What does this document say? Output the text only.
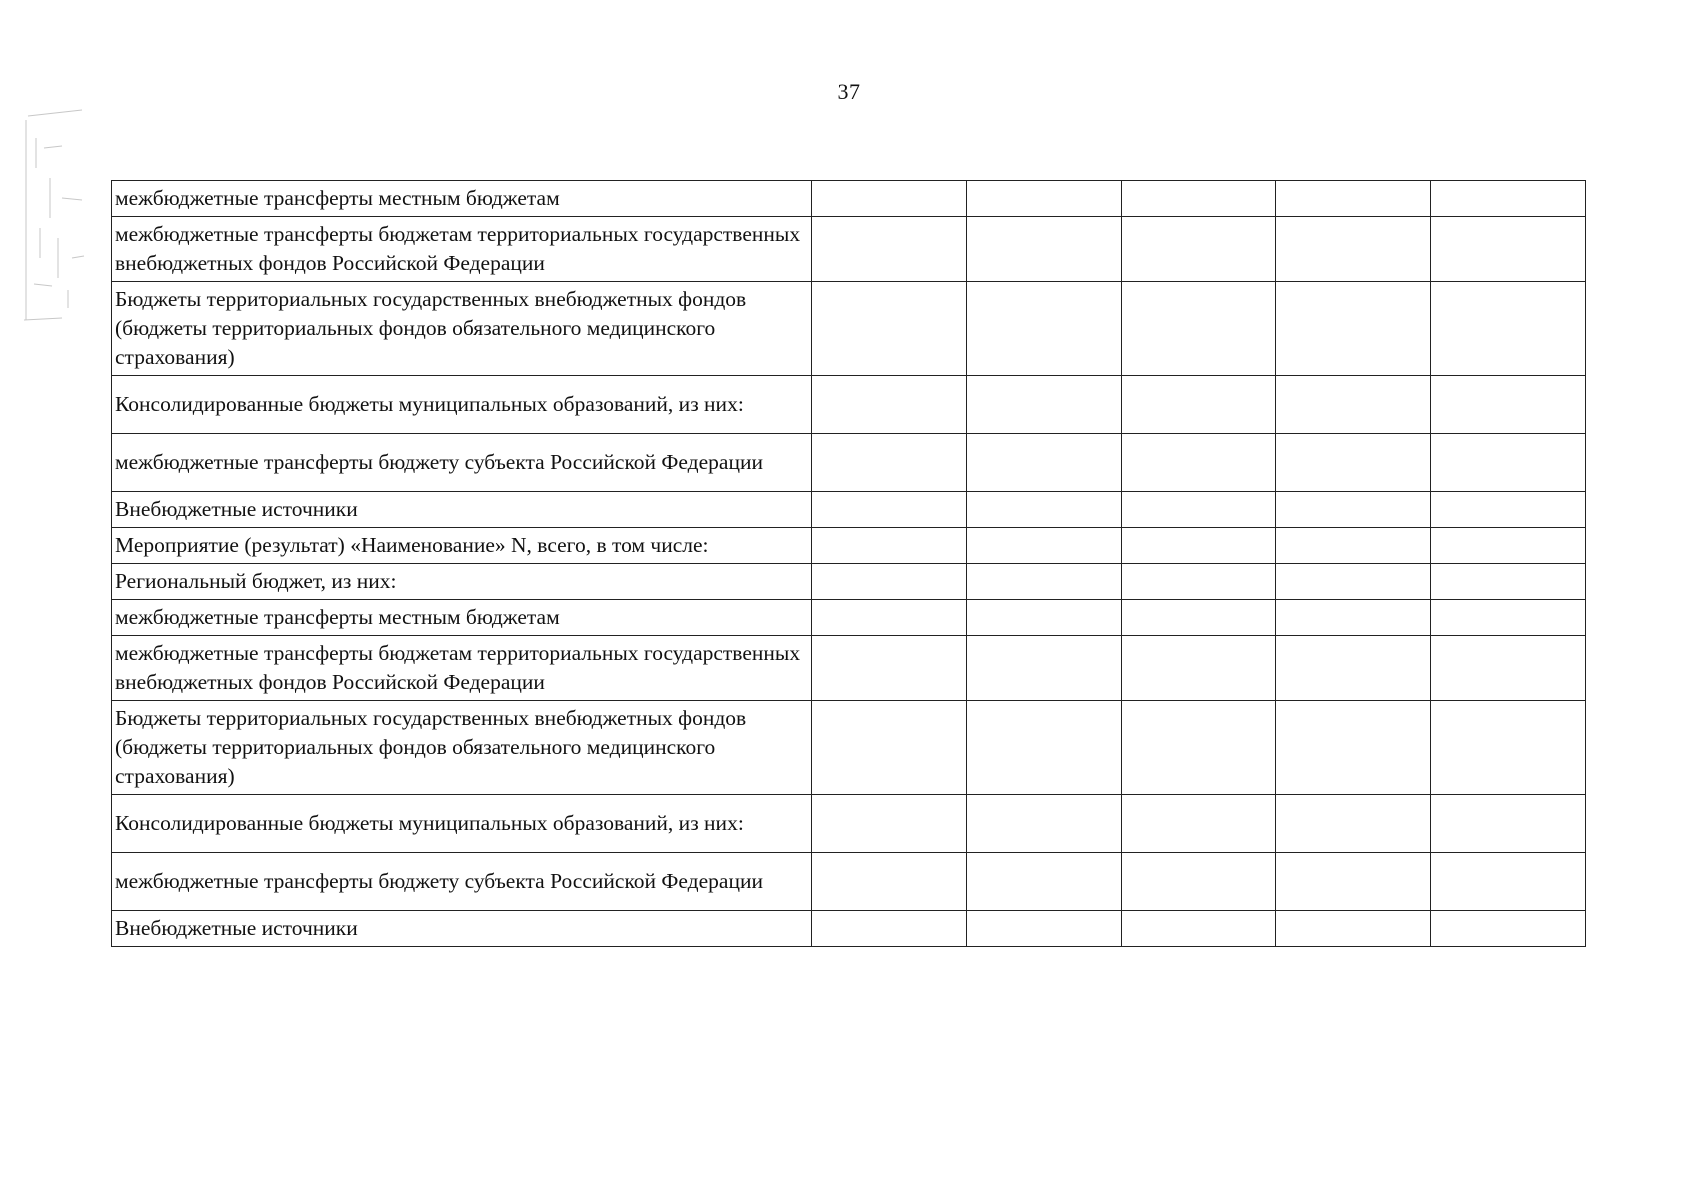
37
межбюджетные трансферты местным бюджетам					
межбюджетные трансферты бюджетам территориальных государственных внебюджетных фондов Российской Федерации					
Бюджеты территориальных государственных внебюджетных фондов (бюджеты территориальных фондов обязательного медицинского страхования)					
Консолидированные бюджеты муниципальных образований, из них:					
межбюджетные трансферты бюджету субъекта Российской Федерации					
Внебюджетные источники					
Мероприятие (результат) «Наименование» N, всего, в том числе:					
Региональный бюджет, из них:					
межбюджетные трансферты местным бюджетам					
межбюджетные трансферты бюджетам территориальных государственных внебюджетных фондов Российской Федерации					
Бюджеты территориальных государственных внебюджетных фондов (бюджеты территориальных фондов обязательного медицинского страхования)					
Консолидированные бюджеты муниципальных образований, из них:					
межбюджетные трансферты бюджету субъекта Российской Федерации					
Внебюджетные источники					
